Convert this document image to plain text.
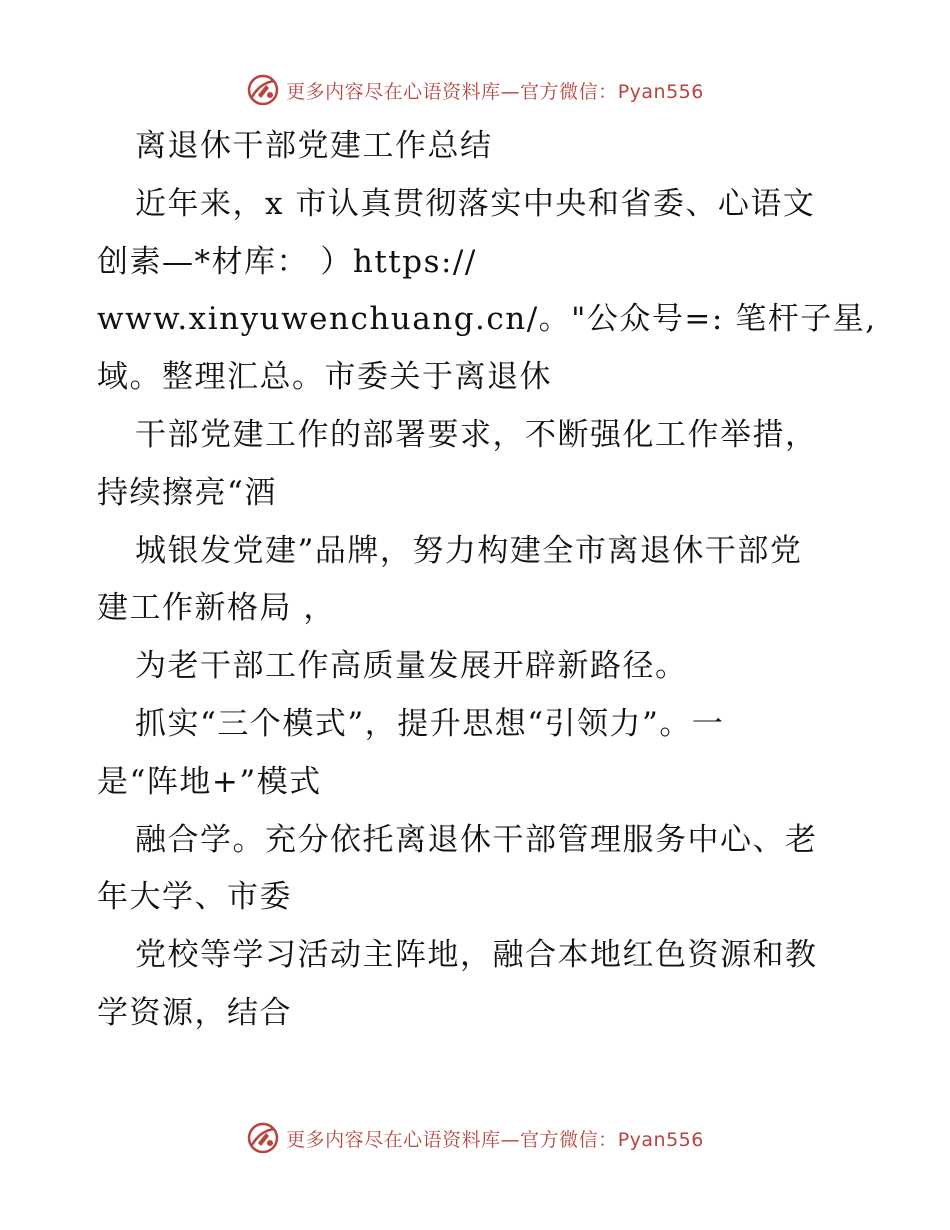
更多内容尽在心语资料库—官方微信：Pyan556
离退休干部党建工作总结
近年来，x 市认真贯彻落实中央和省委、心语文
创素—*材库： ）https://
www.xinyuwenchuang.cn/。"公众号=: 笔杆子星,
域。整理汇总。市委关于离退休
干部党建工作的部署要求，不断强化工作举措，
持续擦亮“酒
城银发党建”品牌，努力构建全市离退休干部党
建工作新格局 ，
为老干部工作高质量发展开辟新路径。
抓实“三个模式”，提升思想“引领力”。一
是“阵地+”模式
融合学。充分依托离退休干部管理服务中心、老
年大学、市委
党校等学习活动主阵地，融合本地红色资源和教
学资源，结合
更多内容尽在心语资料库—官方微信：Pyan556
